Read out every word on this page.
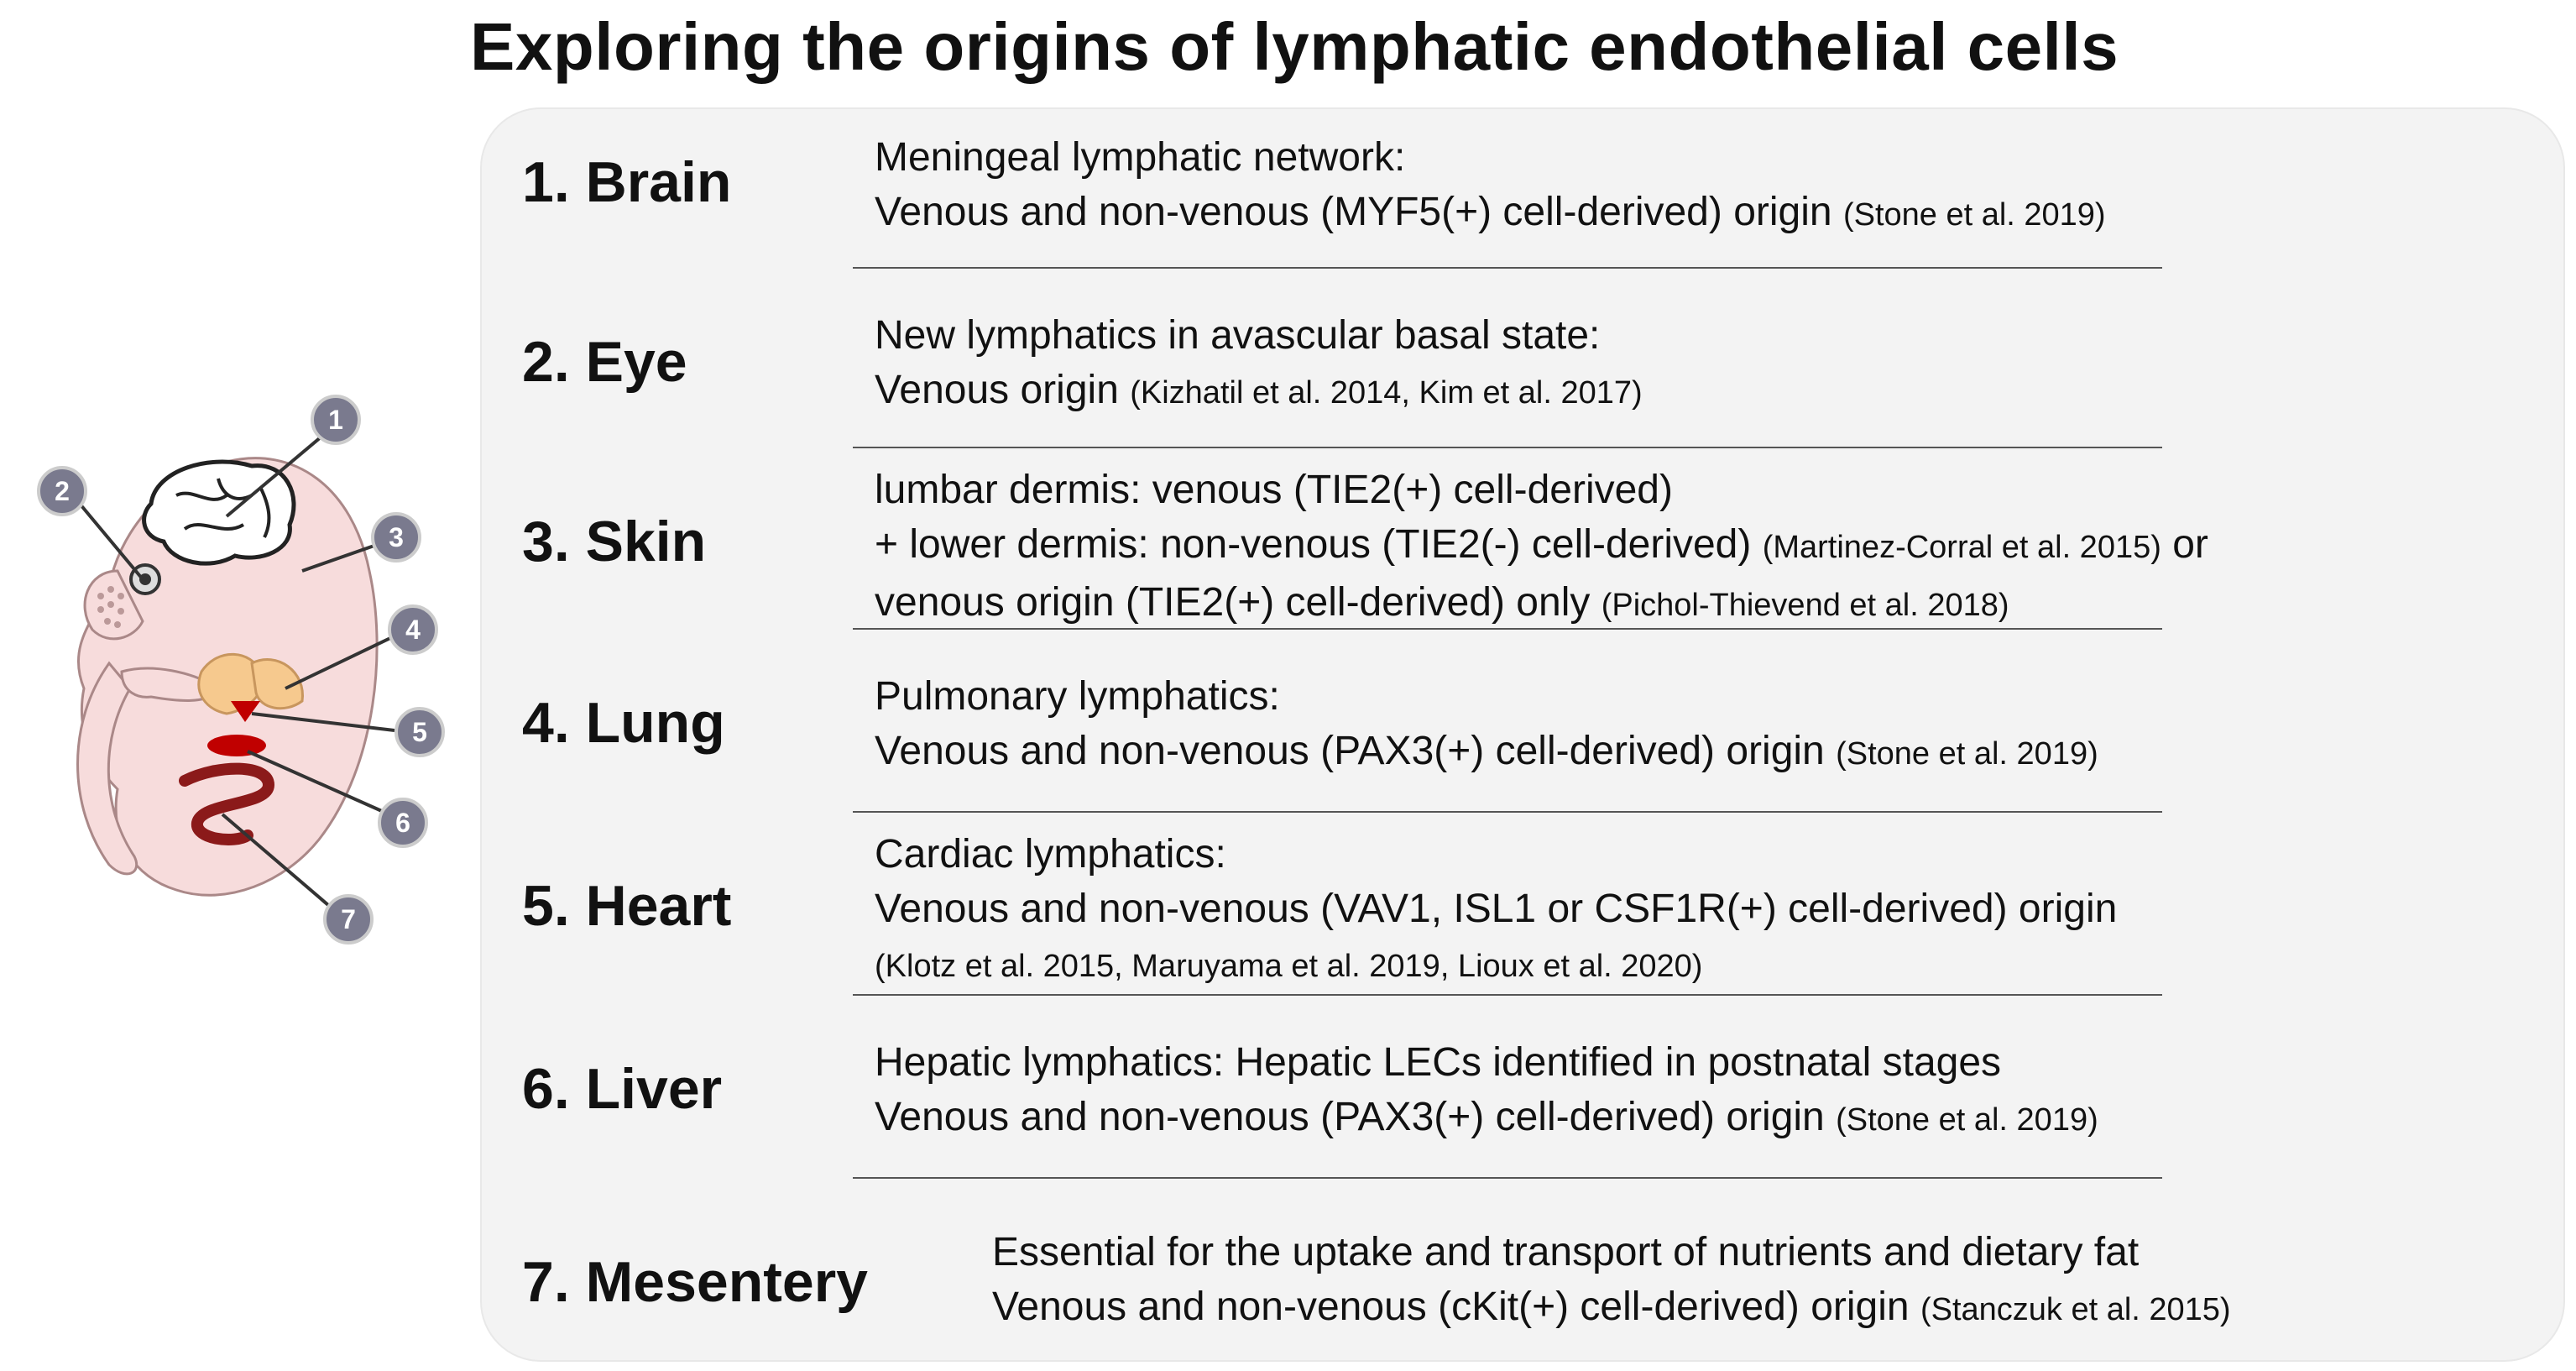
Exploring the origins of lymphatic endothelial cells
1
2
3
4
5
6
7
1. Brain	Meningeal lymphatic network:
Venous and non-venous (MYF5(+) cell-derived) origin (Stone et al. 2019)
2. Eye	New lymphatics in avascular basal state:
Venous origin (Kizhatil et al. 2014, Kim et al. 2017)
3. Skin
lumbar dermis: venous (TIE2(+) cell-derived)
+ lower dermis: non-venous (TIE2(-) cell-derived) (Martinez-Corral et al. 2015) or
venous origin (TIE2(+) cell-derived) only (Pichol-Thievend et al. 2018)
4. Lung	Pulmonary lymphatics:
Venous and non-venous (PAX3(+) cell-derived) origin (Stone et al. 2019)
5. Heart
Cardiac lymphatics:
Venous and non-venous (VAV1, ISL1 or CSF1R(+) cell-derived) origin
(Klotz et al. 2015, Maruyama et al. 2019, Lioux et al. 2020)
6. Liver	Hepatic lymphatics: Hepatic LECs identified in postnatal stages
Venous and non-venous (PAX3(+) cell-derived) origin (Stone et al. 2019)
7. Mesentery	Essential for the uptake and transport of nutrients and dietary fat
Venous and non-venous (cKit(+) cell-derived) origin (Stanczuk et al. 2015)
